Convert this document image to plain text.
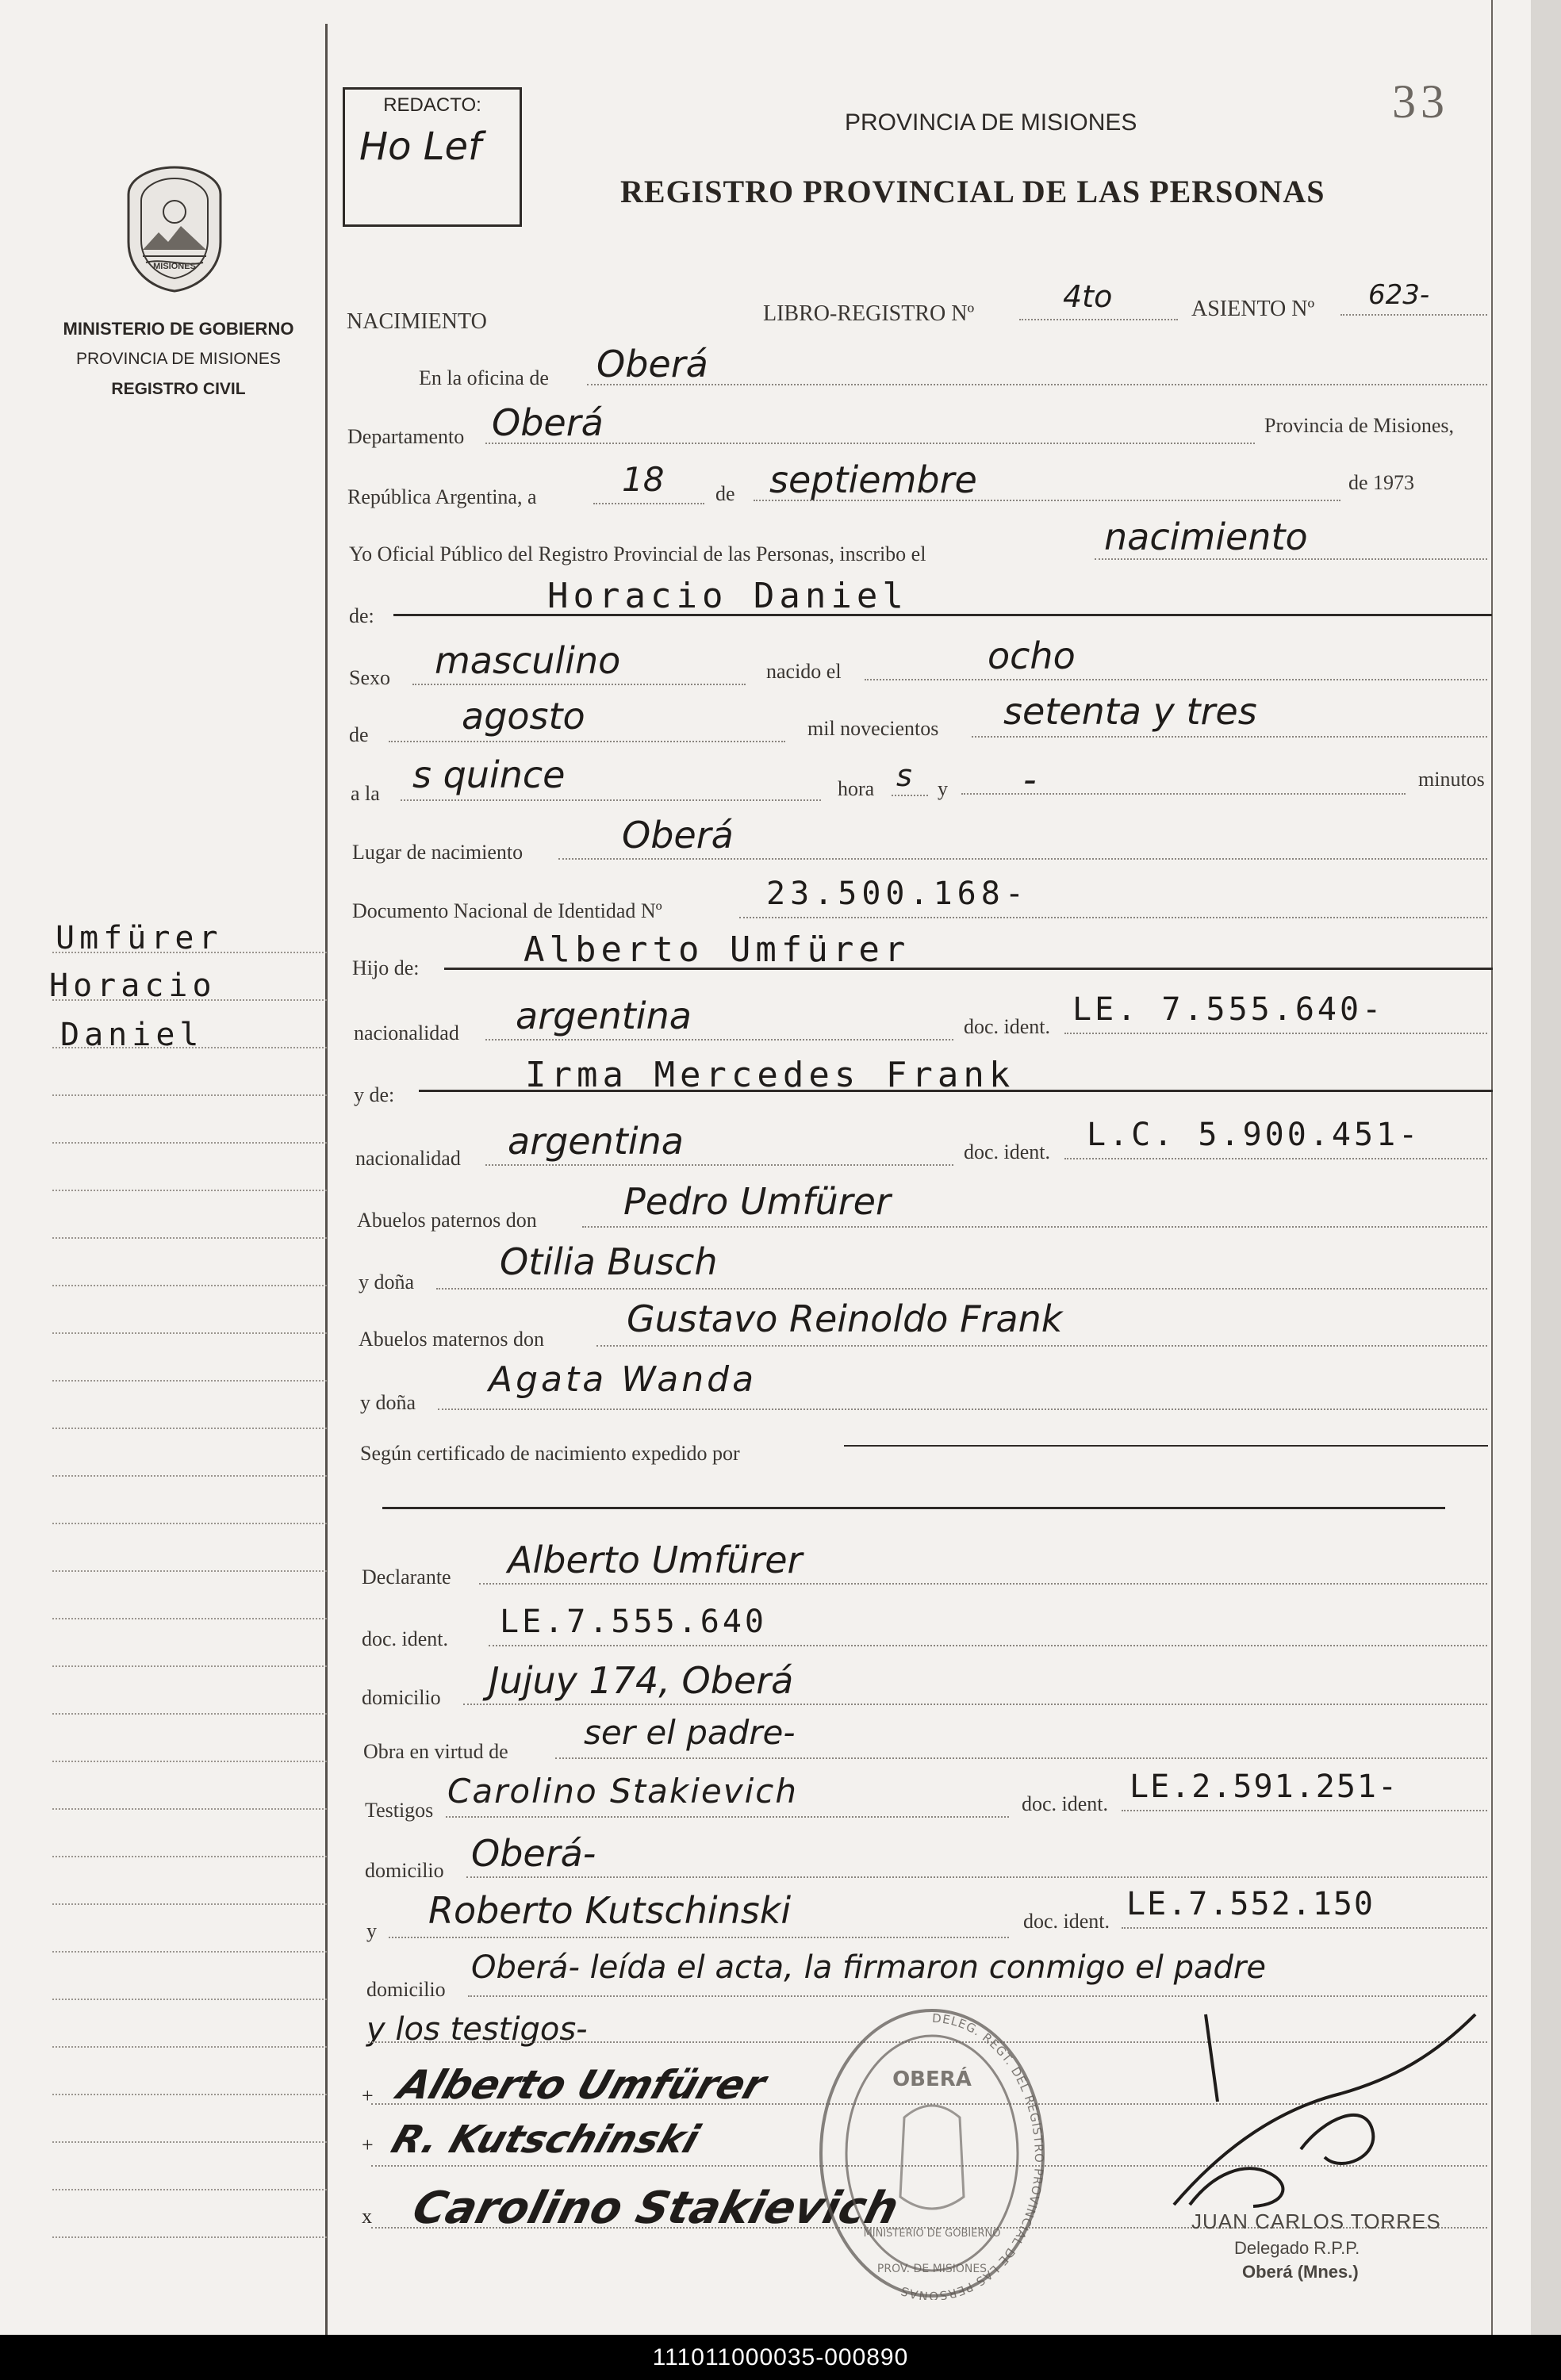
MISIONES
MINISTERIO DE GOBIERNO
PROVINCIA DE MISIONES
REGISTRO CIVIL
Umfürer
Horacio
Daniel
REDACTO:
Ho Lef
PROVINCIA DE MISIONES
REGISTRO PROVINCIAL DE LAS PERSONAS
33
NACIMIENTO	LIBRO-REGISTRO Nº	4to	ASIENTO Nº 623-
En la oficina de Oberá
Departamento Oberá	Provincia de Misiones,
República Argentina, a	18 de septiembre	de 1973
Yo Oficial Público del Registro Provincial de las Personas, inscribo el	nacimiento
de:	Horacio Daniel
Sexo masculino	nacido el	ocho
de	agosto	mil novecientos setenta y tres
a la s quince	hora s y -	minutos
Lugar de nacimiento	Oberá
Documento Nacional de Identidad Nº	23.500.168-
Hijo de:	Alberto Umfürer
nacionalidad argentina	doc. ident. LE. 7.555.640-
y de:	Irma Mercedes Frank
nacionalidad argentina	doc. ident. L.C. 5.900.451-
Abuelos paternos don Pedro Umfürer
y doña Otilia Busch
Abuelos maternos don Gustavo Reinoldo Frank
y doña
Agata Wanda
Según certificado de nacimiento expedido por
Declarante Alberto Umfürer
doc. ident. LE.7.555.640
domicilio Jujuy 174, Oberá
Obra en virtud de ser el padre-
Testigos Carolino Stakievich	doc. ident. LE.2.591.251-
domicilio Oberá-
y Roberto Kutschinski	doc. ident. LE.7.552.150
domicilio
Oberá- leída el acta, la firmaron conmigo el padre
y los testigos-
+
+
x
Alberto Umfürer
R. Kutschinski
Carolino Stakievich
DELEG. REGT. DEL REGISTRO PROVINCIAL DE LAS PERSONAS
OBERÁ
MINISTERIO DE GOBIERNO
PROV. DE MISIONES
JUAN CARLOS TORRES
Delegado R.P.P.
Oberá (Mnes.)
111011000035-000890
